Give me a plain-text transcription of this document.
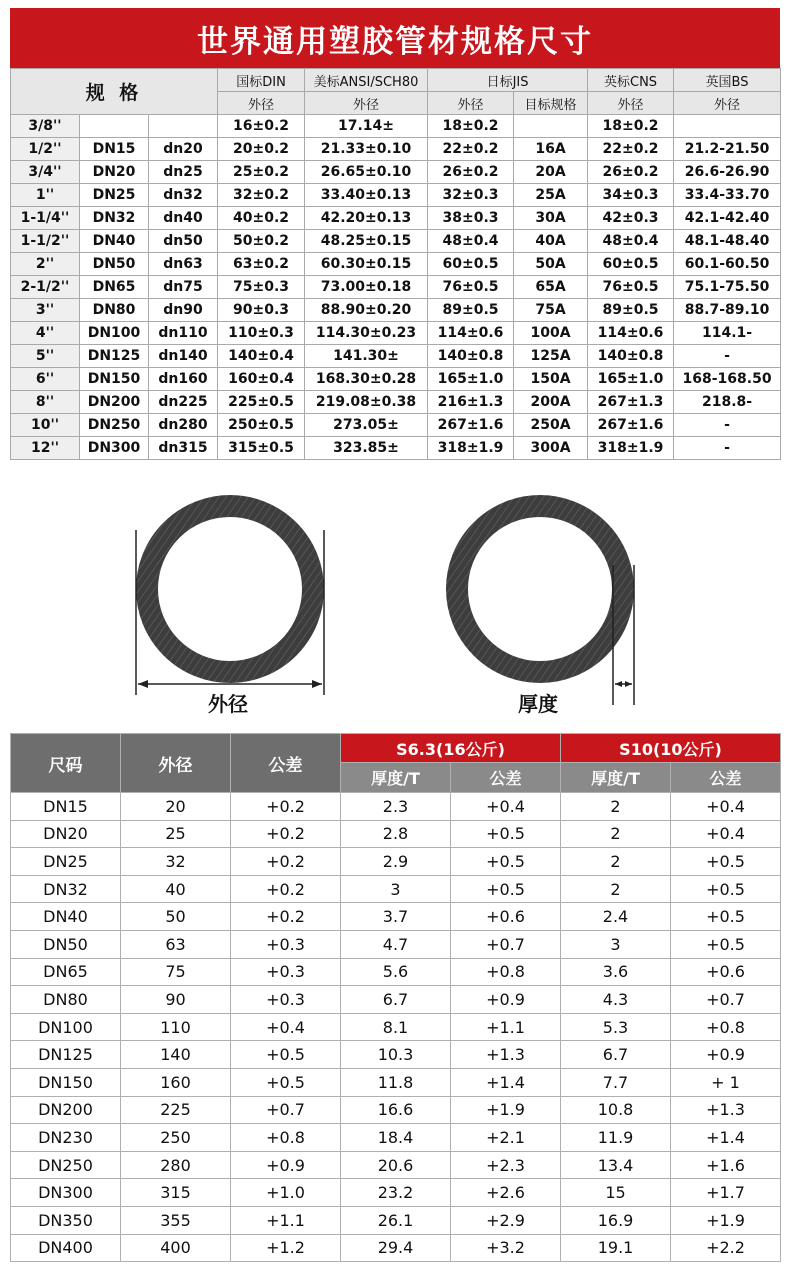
世界通用塑胶管材规格尺寸
规 格			国标DIN	美标ANSI/SCH80	日标JIS		英标CNS	英国BS
			外径	外径	外径	目标规格	外径	外径
3/8''			16±0.2	17.14±	18±0.2		18±0.2	
1/2''	DN15	dn20	20±0.2	21.33±0.10	22±0.2	16A	22±0.2	21.2-21.50
3/4''	DN20	dn25	25±0.2	26.65±0.10	26±0.2	20A	26±0.2	26.6-26.90
1''	DN25	dn32	32±0.2	33.40±0.13	32±0.3	25A	34±0.3	33.4-33.70
1-1/4''	DN32	dn40	40±0.2	42.20±0.13	38±0.3	30A	42±0.3	42.1-42.40
1-1/2''	DN40	dn50	50±0.2	48.25±0.15	48±0.4	40A	48±0.4	48.1-48.40
2''	DN50	dn63	63±0.2	60.30±0.15	60±0.5	50A	60±0.5	60.1-60.50
2-1/2''	DN65	dn75	75±0.3	73.00±0.18	76±0.5	65A	76±0.5	75.1-75.50
3''	DN80	dn90	90±0.3	88.90±0.20	89±0.5	75A	89±0.5	88.7-89.10
4''	DN100	dn110	110±0.3	114.30±0.23	114±0.6	100A	114±0.6	114.1-
5''	DN125	dn140	140±0.4	141.30±	140±0.8	125A	140±0.8	-
6''	DN150	dn160	160±0.4	168.30±0.28	165±1.0	150A	165±1.0	168-168.50
8''	DN200	dn225	225±0.5	219.08±0.38	216±1.3	200A	267±1.3	218.8-
10''	DN250	dn280	250±0.5	273.05±	267±1.6	250A	267±1.6	-
12''	DN300	dn315	315±0.5	323.85±	318±1.9	300A	318±1.9	-
外径	厚度
尺码	外径	公差	S6.3(16公斤)		S10(10公斤)	
			厚度/T	公差	厚度/T	公差
DN15	20	+0.2	2.3	+0.4	2	+0.4
DN20	25	+0.2	2.8	+0.5	2	+0.4
DN25	32	+0.2	2.9	+0.5	2	+0.5
DN32	40	+0.2	3	+0.5	2	+0.5
DN40	50	+0.2	3.7	+0.6	2.4	+0.5
DN50	63	+0.3	4.7	+0.7	3	+0.5
DN65	75	+0.3	5.6	+0.8	3.6	+0.6
DN80	90	+0.3	6.7	+0.9	4.3	+0.7
DN100	110	+0.4	8.1	+1.1	5.3	+0.8
DN125	140	+0.5	10.3	+1.3	6.7	+0.9
DN150	160	+0.5	11.8	+1.4	7.7	+ 1
DN200	225	+0.7	16.6	+1.9	10.8	+1.3
DN230	250	+0.8	18.4	+2.1	11.9	+1.4
DN250	280	+0.9	20.6	+2.3	13.4	+1.6
DN300	315	+1.0	23.2	+2.6	15	+1.7
DN350	355	+1.1	26.1	+2.9	16.9	+1.9
DN400	400	+1.2	29.4	+3.2	19.1	+2.2
